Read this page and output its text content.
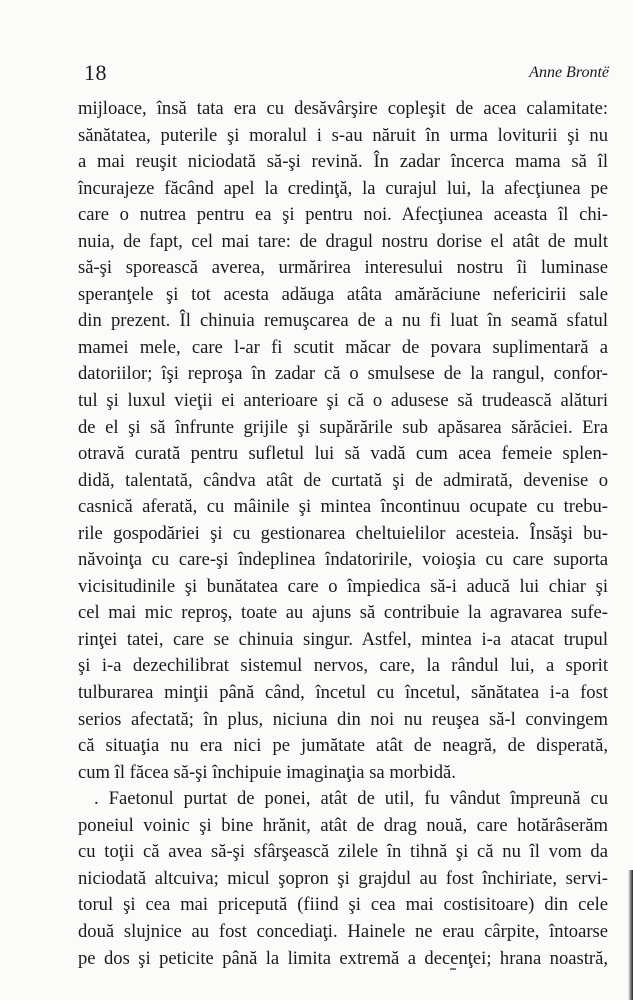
18	Anne Brontë
mijloace, însă tata era cu desăvârşire copleşit de acea calamitate:
sănătatea, puterile şi moralul i s-au năruit în urma loviturii şi nu
a mai reuşit niciodată să-şi revină. În zadar încerca mama să îl
încurajeze făcând apel la credinţă, la curajul lui, la afecţiunea pe
care o nutrea pentru ea şi pentru noi. Afecţiunea aceasta îl chi-
nuia, de fapt, cel mai tare: de dragul nostru dorise el atât de mult
să-şi sporească averea, urmărirea interesului nostru îi luminase
speranţele şi tot acesta adăuga atâta amărăciune nefericirii sale
din prezent. Îl chinuia remuşcarea de a nu fi luat în seamă sfatul
mamei mele, care l-ar fi scutit măcar de povara suplimentară a
datoriilor; îşi reproşa în zadar că o smulsese de la rangul, confor-
tul şi luxul vieţii ei anterioare şi că o adusese să trudească alături
de el şi să înfrunte grijile şi supărările sub apăsarea sărăciei. Era
otravă curată pentru sufletul lui să vadă cum acea femeie splen-
didă, talentată, cândva atât de curtată şi de admirată, devenise o
casnică aferată, cu mâinile şi mintea încontinuu ocupate cu trebu-
rile gospodăriei şi cu gestionarea cheltuielilor acesteia. Însăşi bu-
năvoinţa cu care-şi îndeplinea îndatoririle, voioşia cu care suporta
vicisitudinile şi bunătatea care o împiedica să-i aducă lui chiar şi
cel mai mic reproş, toate au ajuns să contribuie la agravarea sufe-
rinţei tatei, care se chinuia singur. Astfel, mintea i-a atacat trupul
şi i-a dezechilibrat sistemul nervos, care, la rândul lui, a sporit
tulburarea minţii până când, încetul cu încetul, sănătatea i-a fost
serios afectată; în plus, niciuna din noi nu reuşea să-l convingem
că situaţia nu era nici pe jumătate atât de neagră, de disperată,
cum îl făcea să-şi închipuie imaginaţia sa morbidă.
. Faetonul purtat de ponei, atât de util, fu vândut împreună cu
poneiul voinic şi bine hrănit, atât de drag nouă, care hotărâserăm
cu toţii că avea să-şi sfârşească zilele în tihnă şi că nu îl vom da
niciodată altcuiva; micul şopron şi grajdul au fost închiriate, servi-
torul şi cea mai pricepută (fiind şi cea mai costisitoare) din cele
două slujnice au fost concediaţi. Hainele ne erau cârpite, întoarse
pe dos şi peticite până la limita extremă a decenţei; hrana noastră,
